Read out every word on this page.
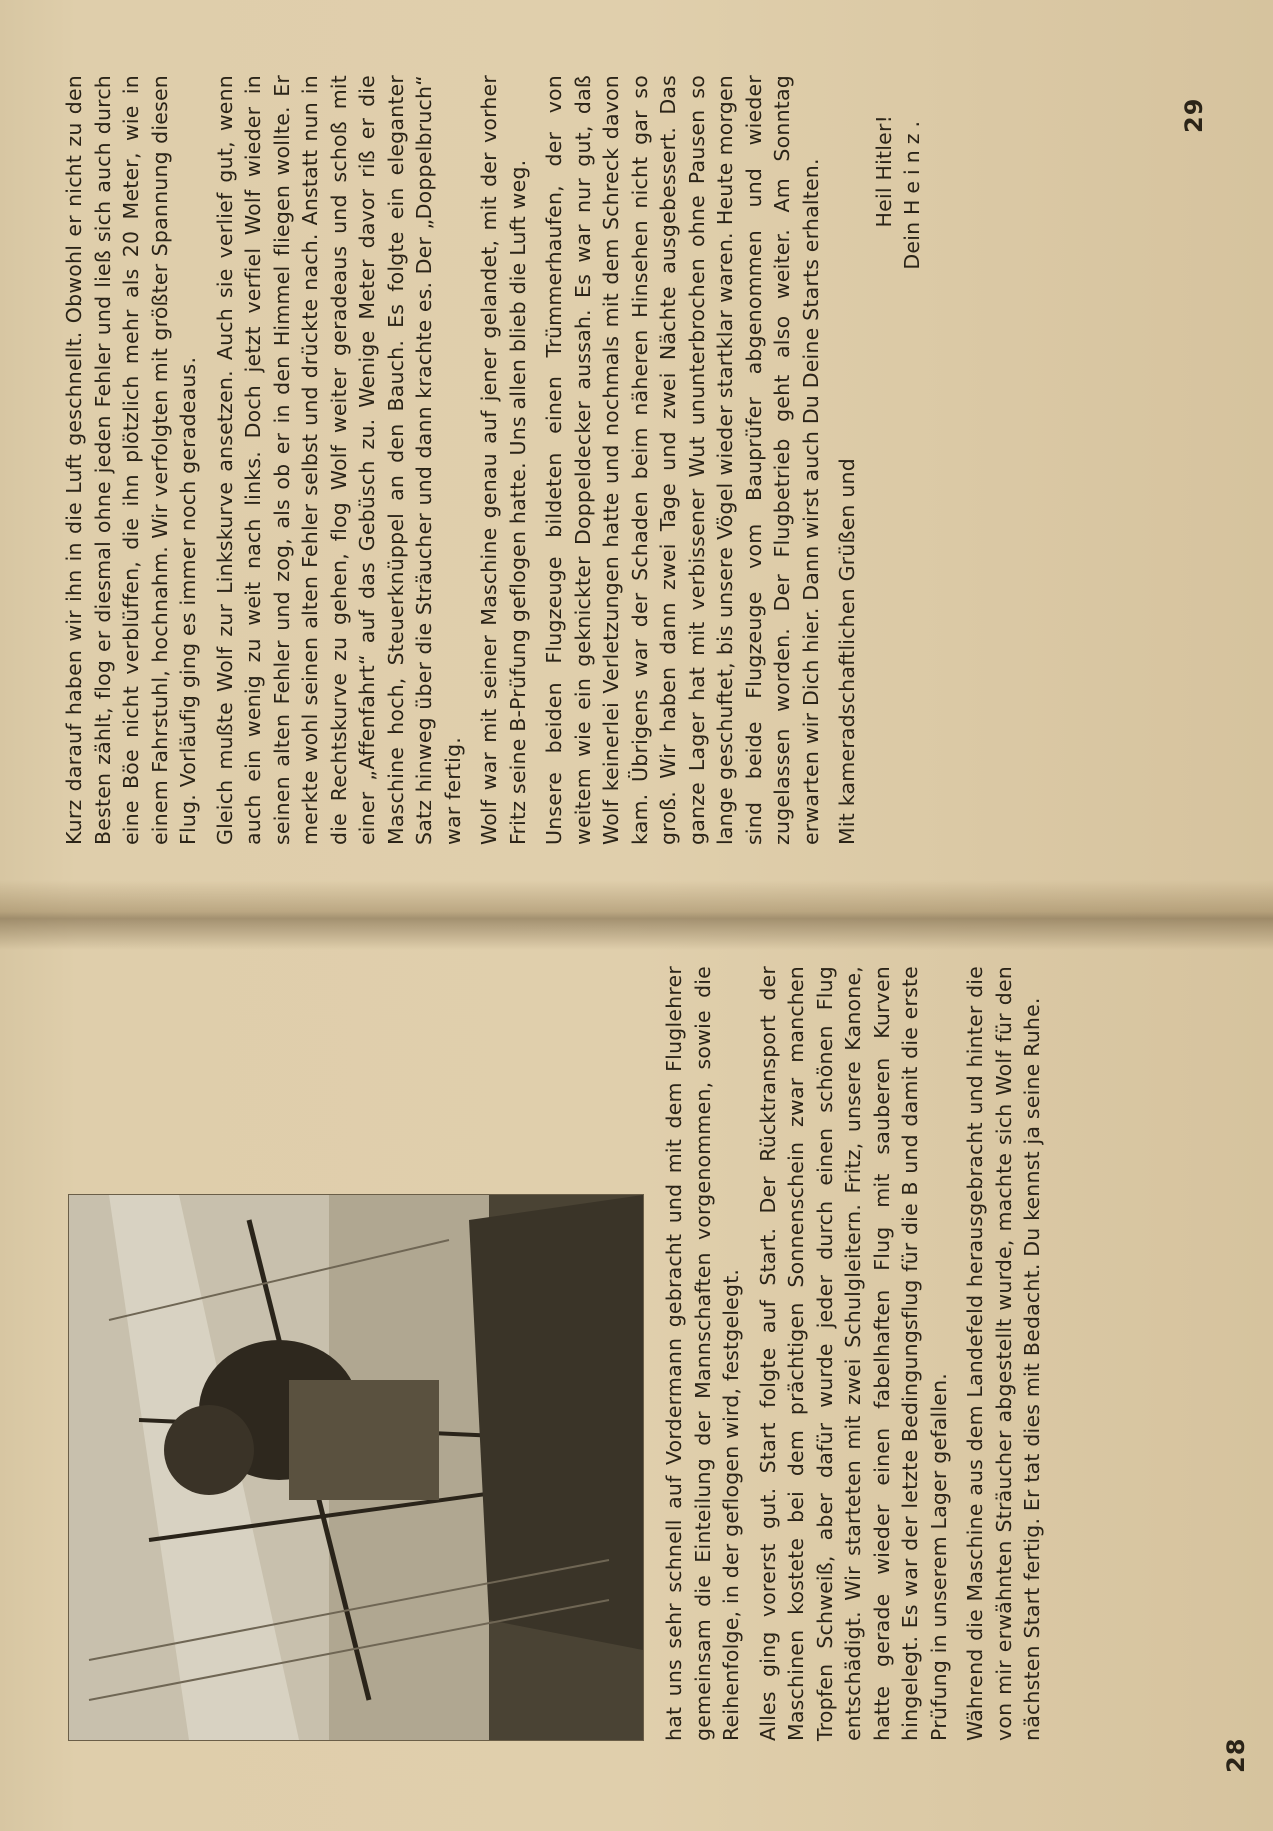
Kurz darauf haben wir ihn in die Luft geschnellt. Obwohl er nicht zu den Besten zählt, flog er diesmal ohne jeden Fehler und ließ sich auch durch eine Böe nicht verblüffen, die ihn plötzlich mehr als 20 Meter, wie in einem Fahrstuhl, hochnahm. Wir verfolgten mit größter Spannung diesen Flug. Vorläufig ging es immer noch geradeaus. Gleich mußte Wolf zur Linkskurve ansetzen. Auch sie verlief gut, wenn auch ein wenig zu weit nach links. Doch jetzt verfiel Wolf wieder in seinen alten Fehler und zog, als ob er in den Himmel fliegen wollte. Er merkte wohl seinen alten Fehler selbst und drückte nach. Anstatt nun in die Rechtskurve zu gehen, flog Wolf weiter geradeaus und schoß mit einer „Affenfahrt“ auf das Gebüsch zu. Wenige Meter davor riß er die Maschine hoch, Steuerknüppel an den Bauch. Es folgte ein eleganter Satz hinweg über die Sträucher und dann krachte es. Der „Doppelbruch“ war fertig. Wolf war mit seiner Maschine genau auf jener gelandet, mit der vorher Fritz seine B-Prüfung geflogen hatte. Uns allen blieb die Luft weg. Unsere beiden Flugzeuge bildeten einen Trümmerhaufen, der von weitem wie ein geknickter Doppeldecker aussah. Es war nur gut, daß Wolf keinerlei Verletzungen hatte und nochmals mit dem Schreck davon kam. Übrigens war der Schaden beim näheren Hinsehen nicht gar so groß. Wir haben dann zwei Tage und zwei Nächte ausgebessert. Das ganze Lager hat mit verbissener Wut ununterbrochen ohne Pausen so lange geschuftet, bis unsere Vögel wieder startklar waren. Heute morgen sind beide Flugzeuge vom Bauprüfer abgenommen und wieder zugelassen worden. Der Flugbetrieb geht also weiter. Am Sonntag erwarten wir Dich hier. Dann wirst auch Du Deine Starts erhalten. Mit kameradschaftlichen Grüßen und

Heil Hitler!
Dein Heinz.	29

hat uns sehr schnell auf Vordermann gebracht und mit dem Fluglehrer gemeinsam die Einteilung der Mannschaften vorgenommen, sowie die Reihenfolge, in der geflogen wird, festgelegt. Alles ging vorerst gut. Start folgte auf Start. Der Rücktransport der Maschinen kostete bei dem prächtigen Sonnenschein zwar manchen Tropfen Schweiß, aber dafür wurde jeder durch einen schönen Flug entschädigt. Wir starteten mit zwei Schulgleitern. Fritz, unsere Kanone, hatte gerade wieder einen fabelhaften Flug mit sauberen Kurven hingelegt. Es war der letzte Bedingungsflug für die B und damit die erste Prüfung in unserem Lager gefallen. Während die Maschine aus dem Landefeld herausgebracht und hinter die von mir erwähnten Sträucher abgestellt wurde, machte sich Wolf für den nächsten Start fertig. Er tat dies mit Bedacht. Du kennst ja seine Ruhe.

28
